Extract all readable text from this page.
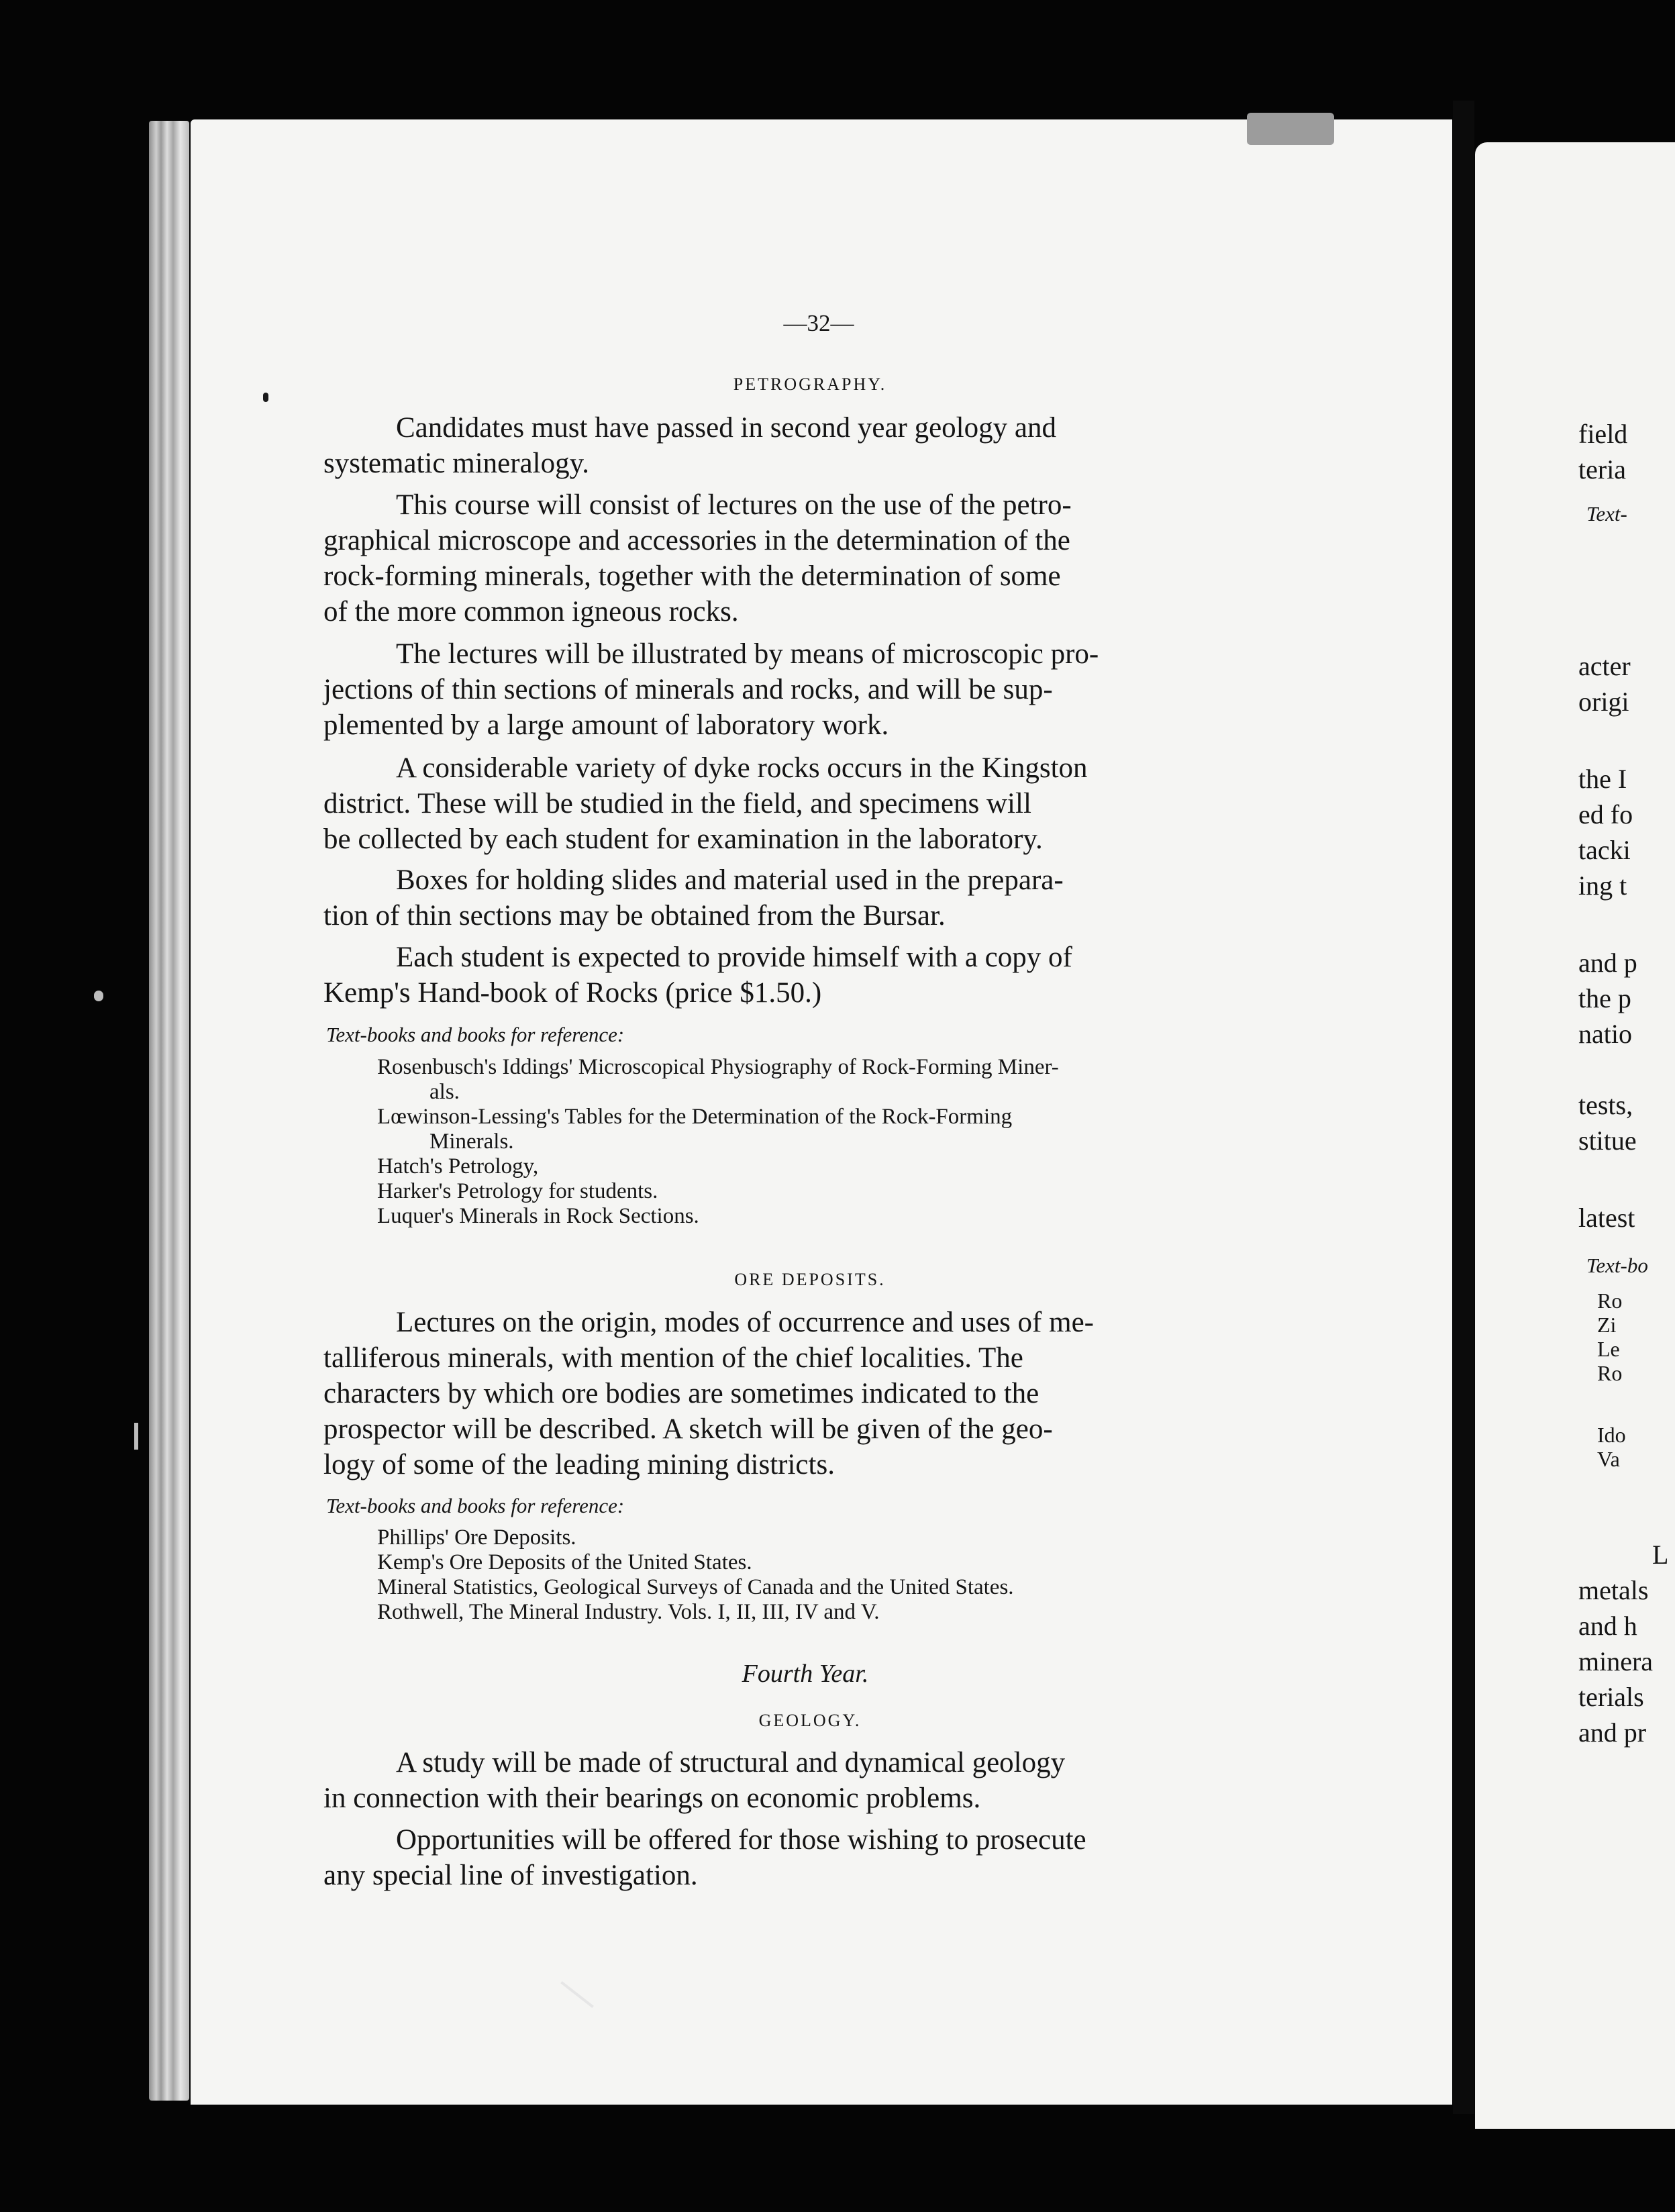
—32—
PETROGRAPHY.

Candidates must have passed in second year geology and
systematic mineralogy.

This course will consist of lectures on the use of the petro-
graphical microscope and accessories in the determination of the
rock-forming minerals, together with the determination of some
of the more common igneous rocks.

The lectures will be illustrated by means of microscopic pro-
jections of thin sections of minerals and rocks, and will be sup-
plemented by a large amount of laboratory work.

A considerable variety of dyke rocks occurs in the Kingston
district. These will be studied in the field, and specimens will
be collected by each student for examination in the laboratory.

Boxes for holding slides and material used in the prepara-
tion of thin sections may be obtained from the Bursar.

Each student is expected to provide himself with a copy of
Kemp's Hand-book of Rocks (price $1.50.)

Text-books and books for reference:
Rosenbusch's Iddings' Microscopical Physiography of Rock-Forming Miner-
als.
Lœwinson-Lessing's Tables for the Determination of the Rock-Forming
Minerals.
Hatch's Petrology,
Harker's Petrology for students.
Luquer's Minerals in Rock Sections.
ORE DEPOSITS.

Lectures on the origin, modes of occurrence and uses of me-
talliferous minerals, with mention of the chief localities. The
characters by which ore bodies are sometimes indicated to the
prospector will be described. A sketch will be given of the geo-
logy of some of the leading mining districts.

Text-books and books for reference:
Phillips' Ore Deposits.
Kemp's Ore Deposits of the United States.
Mineral Statistics, Geological Surveys of Canada and the United States.
Rothwell, The Mineral Industry. Vols. I, II, III, IV and V.
Fourth Year.
GEOLOGY.

A study will be made of structural and dynamical geology
in connection with their bearings on economic problems.

Opportunities will be offered for those wishing to prosecute
any special line of investigation.

field
teria
Text-
acter
origi
the I
ed fo
tacki
ing t
and p
the p
natio
tests,
stitue
latest
Text-bo
Ro
Zi
Le
Ro
Ido
Va
L
metals
and h
minera
terials
and pr
